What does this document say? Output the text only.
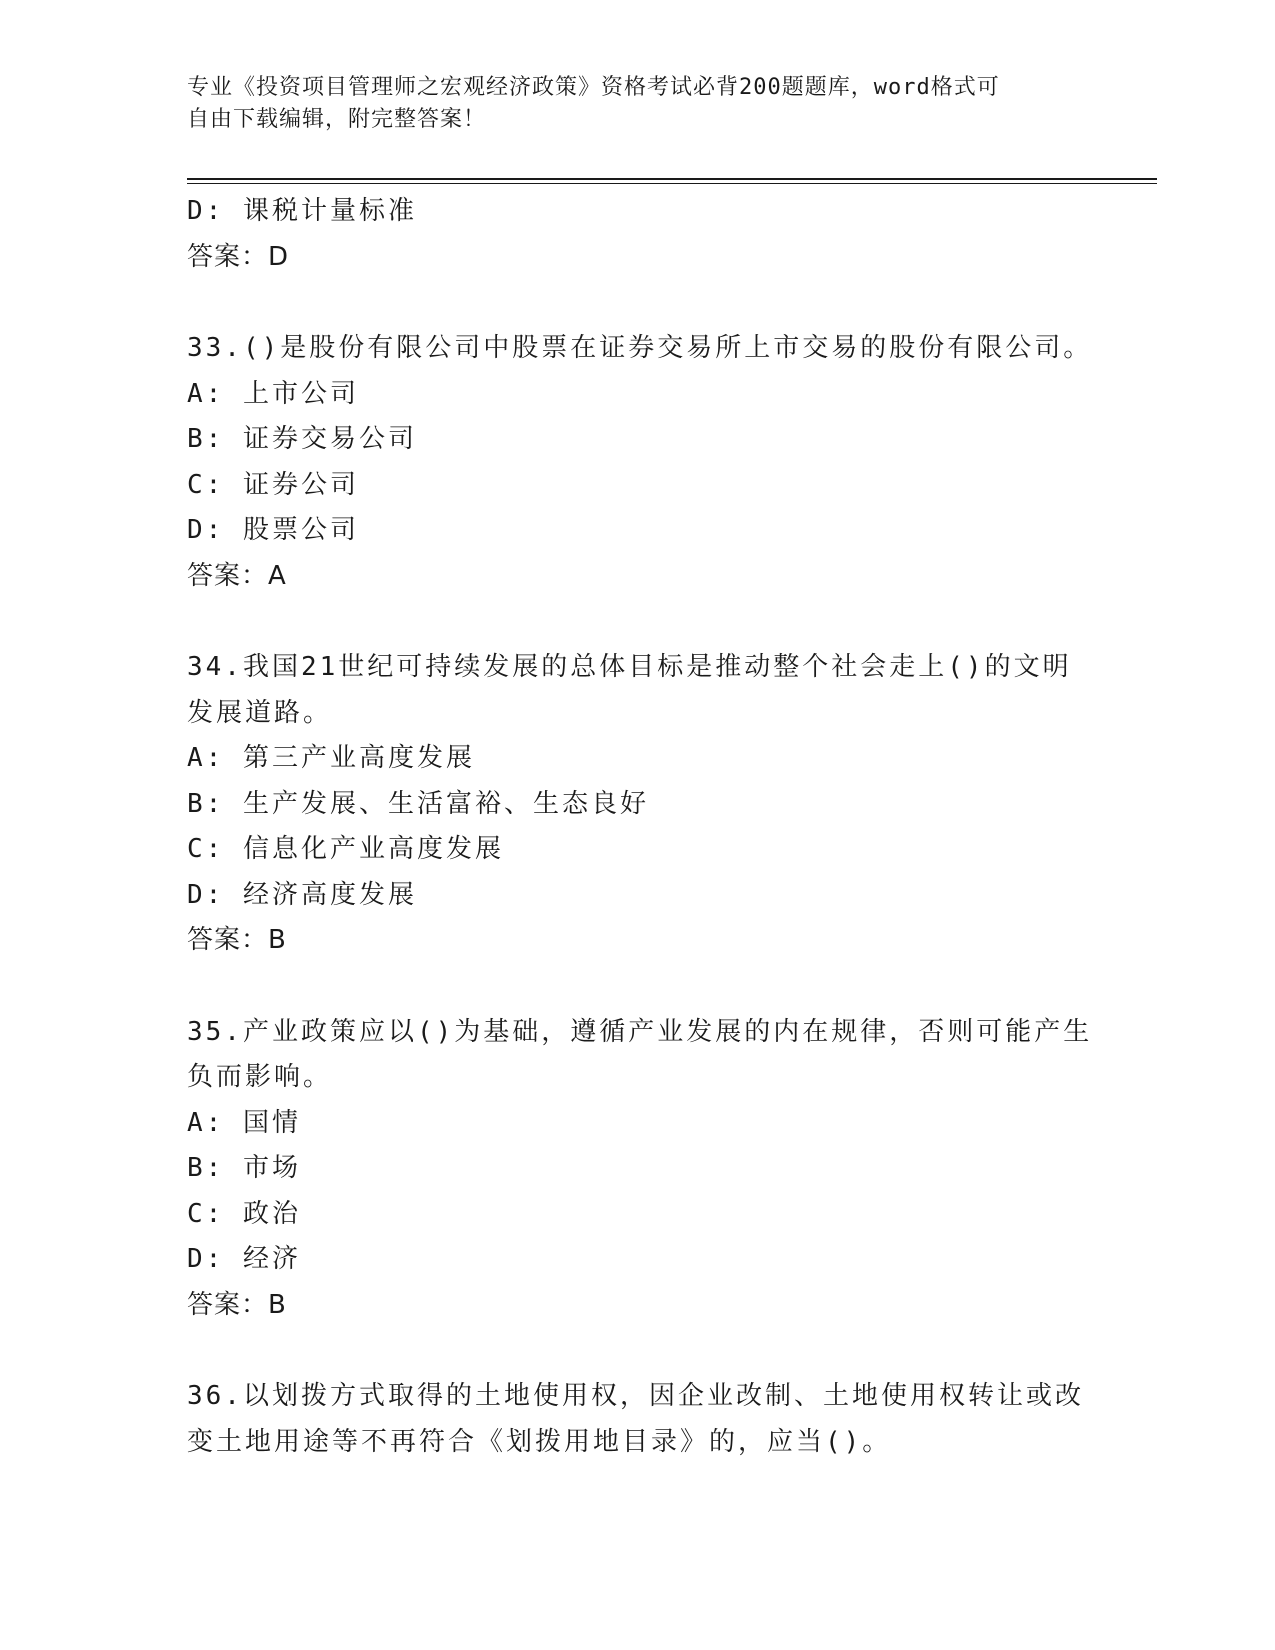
专业《投资项目管理师之宏观经济政策》资格考试必背200题题库，word格式可
自由下载编辑，附完整答案！
D: 课税计量标准
答案：D
33.()是股份有限公司中股票在证券交易所上市交易的股份有限公司。
A: 上市公司
B: 证券交易公司
C: 证券公司
D: 股票公司
答案：A
34.我国21世纪可持续发展的总体目标是推动整个社会走上()的文明
发展道路。
A: 第三产业高度发展
B: 生产发展、生活富裕、生态良好
C: 信息化产业高度发展
D: 经济高度发展
答案：B
35.产业政策应以()为基础，遵循产业发展的内在规律，否则可能产生
负而影响。
A: 国情
B: 市场
C: 政治
D: 经济
答案：B
36.以划拨方式取得的土地使用权，因企业改制、土地使用权转让或改
变土地用途等不再符合《划拨用地目录》的，应当()。
